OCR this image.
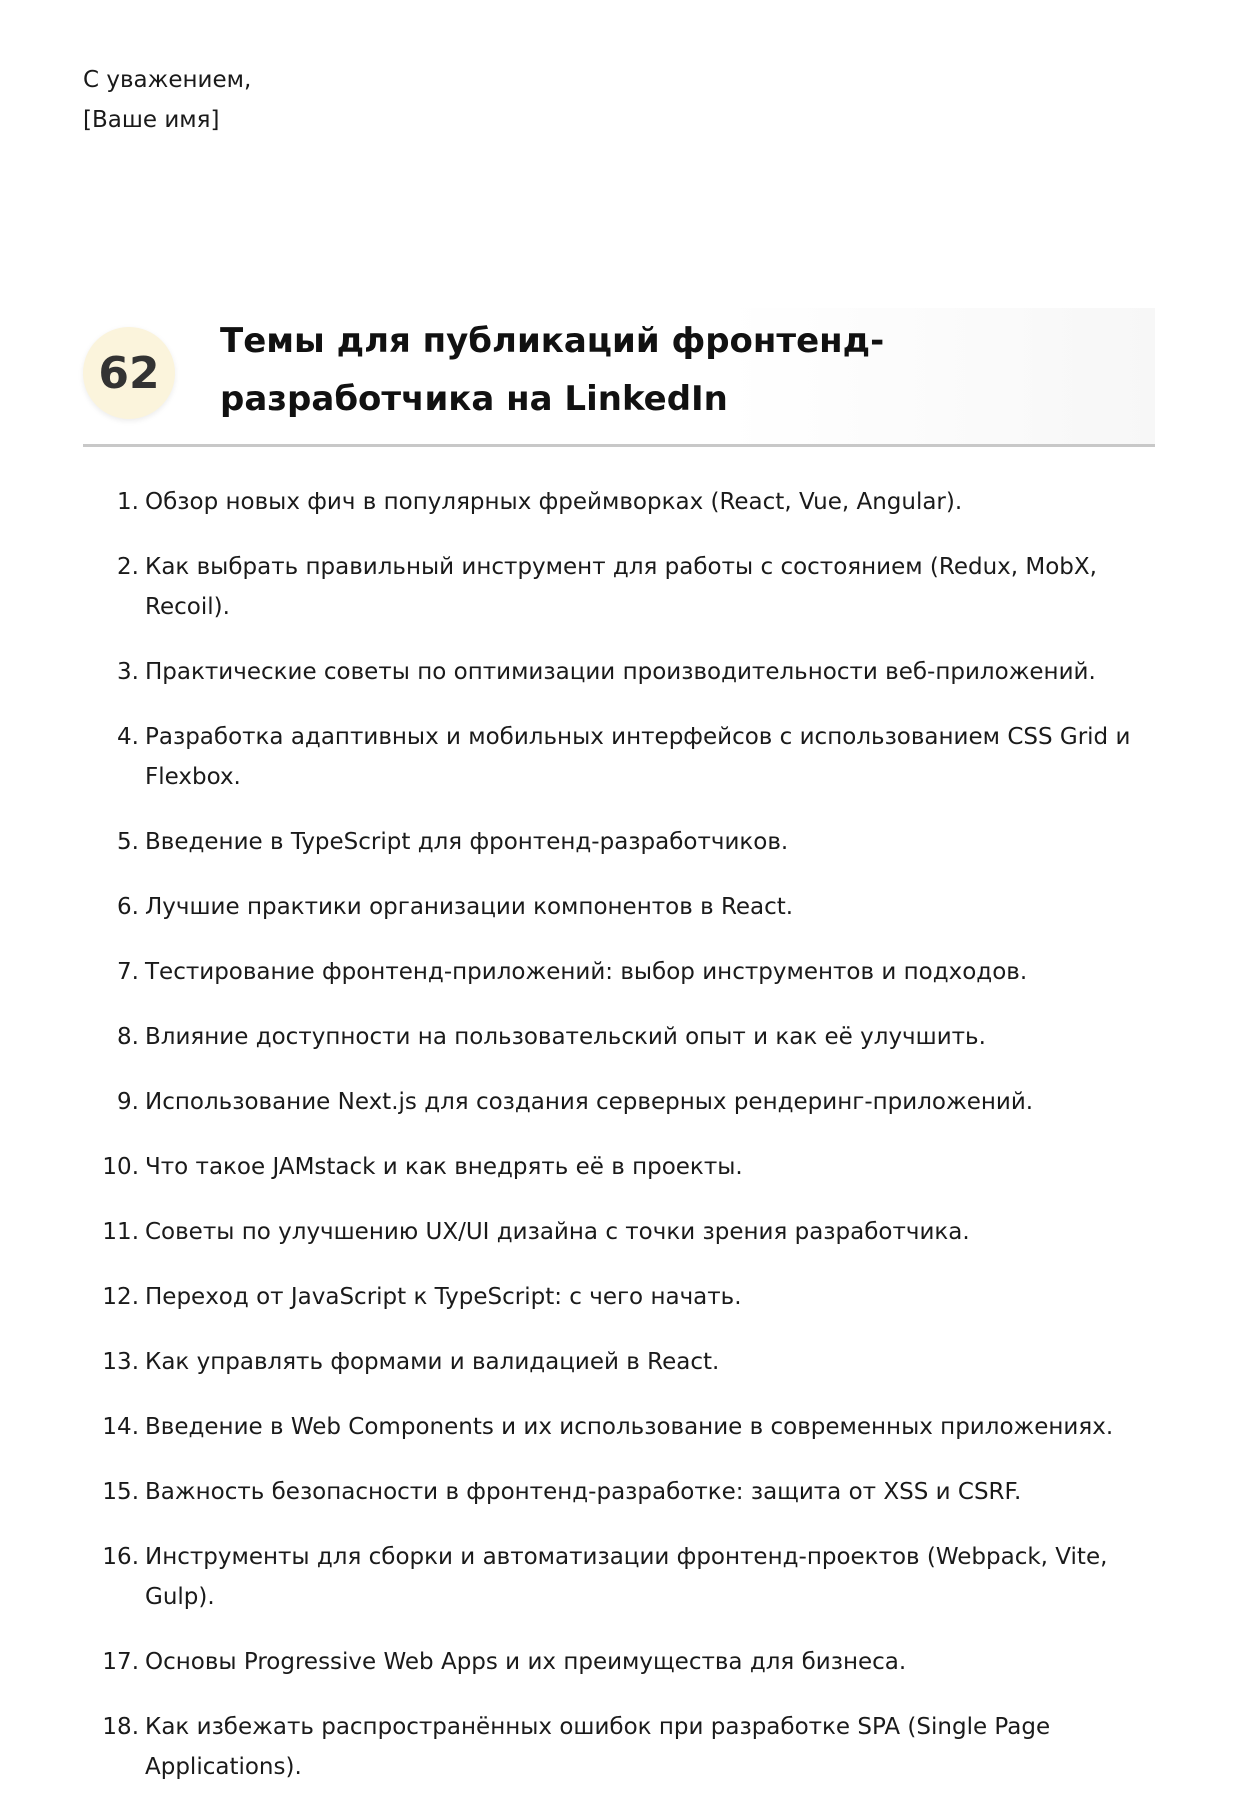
С уважением,
[Ваше имя]
62
Темы для публикаций фронтенд-разработчика на LinkedIn
1. Обзор новых фич в популярных фреймворках (React, Vue, Angular).
2. Как выбрать правильный инструмент для работы с состоянием (Redux, MobX, Recoil).
3. Практические советы по оптимизации производительности веб-приложений.
4. Разработка адаптивных и мобильных интерфейсов с использованием CSS Grid и Flexbox.
5. Введение в TypeScript для фронтенд-разработчиков.
6. Лучшие практики организации компонентов в React.
7. Тестирование фронтенд-приложений: выбор инструментов и подходов.
8. Влияние доступности на пользовательский опыт и как её улучшить.
9. Использование Next.js для создания серверных рендеринг-приложений.
10. Что такое JAMstack и как внедрять её в проекты.
11. Советы по улучшению UX/UI дизайна с точки зрения разработчика.
12. Переход от JavaScript к TypeScript: с чего начать.
13. Как управлять формами и валидацией в React.
14. Введение в Web Components и их использование в современных приложениях.
15. Важность безопасности в фронтенд-разработке: защита от XSS и CSRF.
16. Инструменты для сборки и автоматизации фронтенд-проектов (Webpack, Vite, Gulp).
17. Основы Progressive Web Apps и их преимущества для бизнеса.
18. Как избежать распространённых ошибок при разработке SPA (Single Page Applications).
